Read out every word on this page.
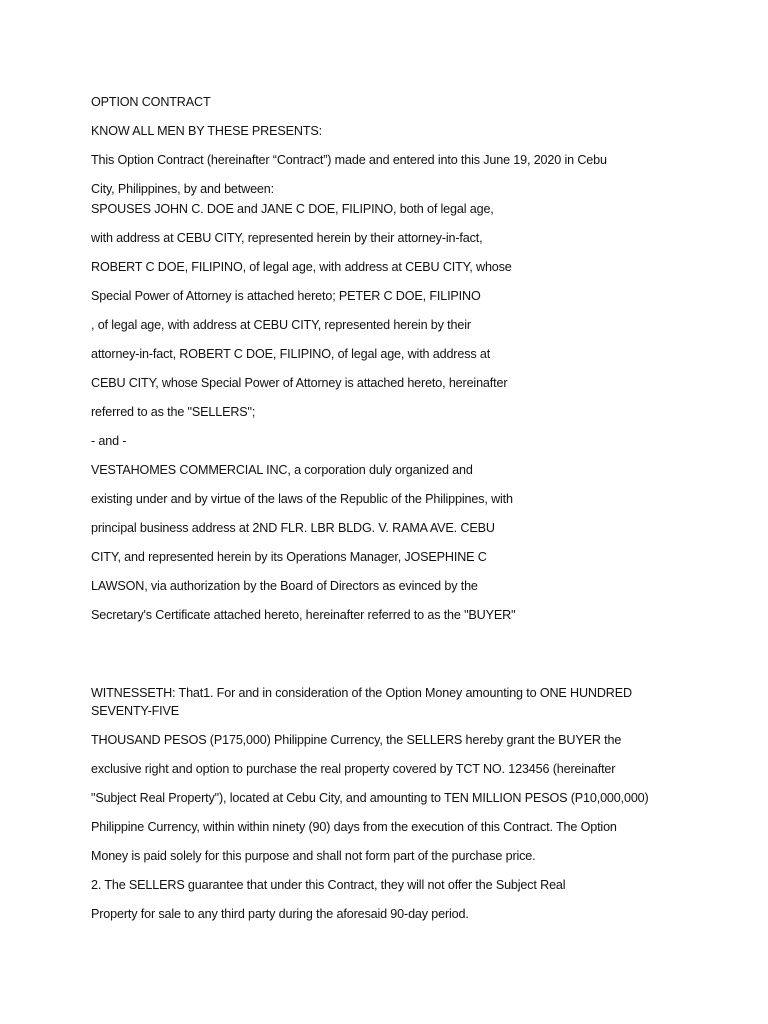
OPTION CONTRACT
KNOW ALL MEN BY THESE PRESENTS:
This Option Contract (hereinafter “Contract”) made and entered into this June 19, 2020 in Cebu
City, Philippines, by and between:
SPOUSES JOHN C. DOE and JANE C DOE, FILIPINO, both of legal age,
with address at CEBU CITY, represented herein by their attorney-in-fact,
ROBERT C DOE, FILIPINO, of legal age, with address at CEBU CITY, whose
Special Power of Attorney is attached hereto; PETER C DOE, FILIPINO
, of legal age, with address at CEBU CITY, represented herein by their
attorney-in-fact, ROBERT C DOE, FILIPINO, of legal age, with address at
CEBU CITY, whose Special Power of Attorney is attached hereto, hereinafter
referred to as the "SELLERS";
- and -
VESTAHOMES COMMERCIAL INC, a corporation duly organized and
existing under and by virtue of the laws of the Republic of the Philippines, with
principal business address at 2ND FLR. LBR BLDG. V. RAMA AVE. CEBU
CITY, and represented herein by its Operations Manager, JOSEPHINE C
LAWSON, via authorization by the Board of Directors as evinced by the
Secretary's Certificate attached hereto, hereinafter referred to as the "BUYER"
WITNESSETH: That1. For and in consideration of the Option Money amounting to ONE HUNDRED
SEVENTY-FIVE
THOUSAND PESOS (P175,000) Philippine Currency, the SELLERS hereby grant the BUYER the
exclusive right and option to purchase the real property covered by TCT NO. 123456 (hereinafter
"Subject Real Property"), located at Cebu City, and amounting to TEN MILLION PESOS (P10,000,000)
Philippine Currency, within within ninety (90) days from the execution of this Contract. The Option
Money is paid solely for this purpose and shall not form part of the purchase price.
2. The SELLERS guarantee that under this Contract, they will not offer the Subject Real
Property for sale to any third party during the aforesaid 90-day period.
